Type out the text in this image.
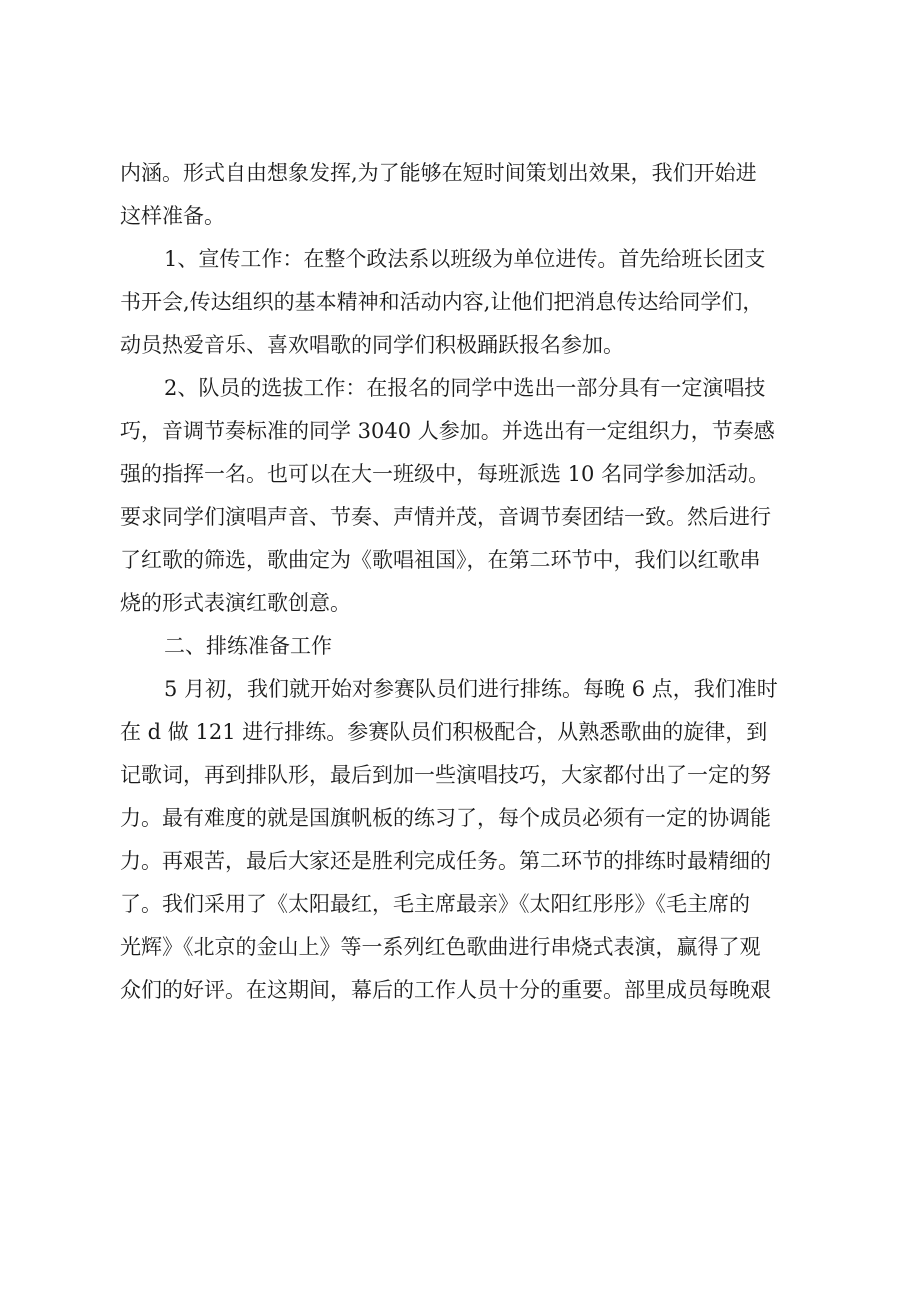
内涵。形式自由想象发挥,为了能够在短时间策划出效果，我们开始进
这样准备。
1、宣传工作：在整个政法系以班级为单位进传。首先给班长团支
书开会,传达组织的基本精神和活动内容,让他们把消息传达给同学们，
动员热爱音乐、喜欢唱歌的同学们积极踊跃报名参加。
2、队员的选拔工作：在报名的同学中选出一部分具有一定演唱技
巧，音调节奏标准的同学 3040 人参加。并选出有一定组织力，节奏感
强的指挥一名。也可以在大一班级中，每班派选 10 名同学参加活动。
要求同学们演唱声音、节奏、声情并茂，音调节奏团结一致。然后进行
了红歌的筛选，歌曲定为《歌唱祖国》，在第二环节中，我们以红歌串
烧的形式表演红歌创意。
二、排练准备工作
5 月初，我们就开始对参赛队员们进行排练。每晚 6 点，我们准时
在 d 做 121 进行排练。参赛队员们积极配合，从熟悉歌曲的旋律，到
记歌词，再到排队形，最后到加一些演唱技巧，大家都付出了一定的努
力。最有难度的就是国旗帆板的练习了，每个成员必须有一定的协调能
力。再艰苦，最后大家还是胜利完成任务。第二环节的排练时最精细的
了。我们采用了《太阳最红，毛主席最亲》《太阳红彤彤》《毛主席的
光辉》《北京的金山上》等一系列红色歌曲进行串烧式表演，赢得了观
众们的好评。在这期间，幕后的工作人员十分的重要。部里成员每晚艰
